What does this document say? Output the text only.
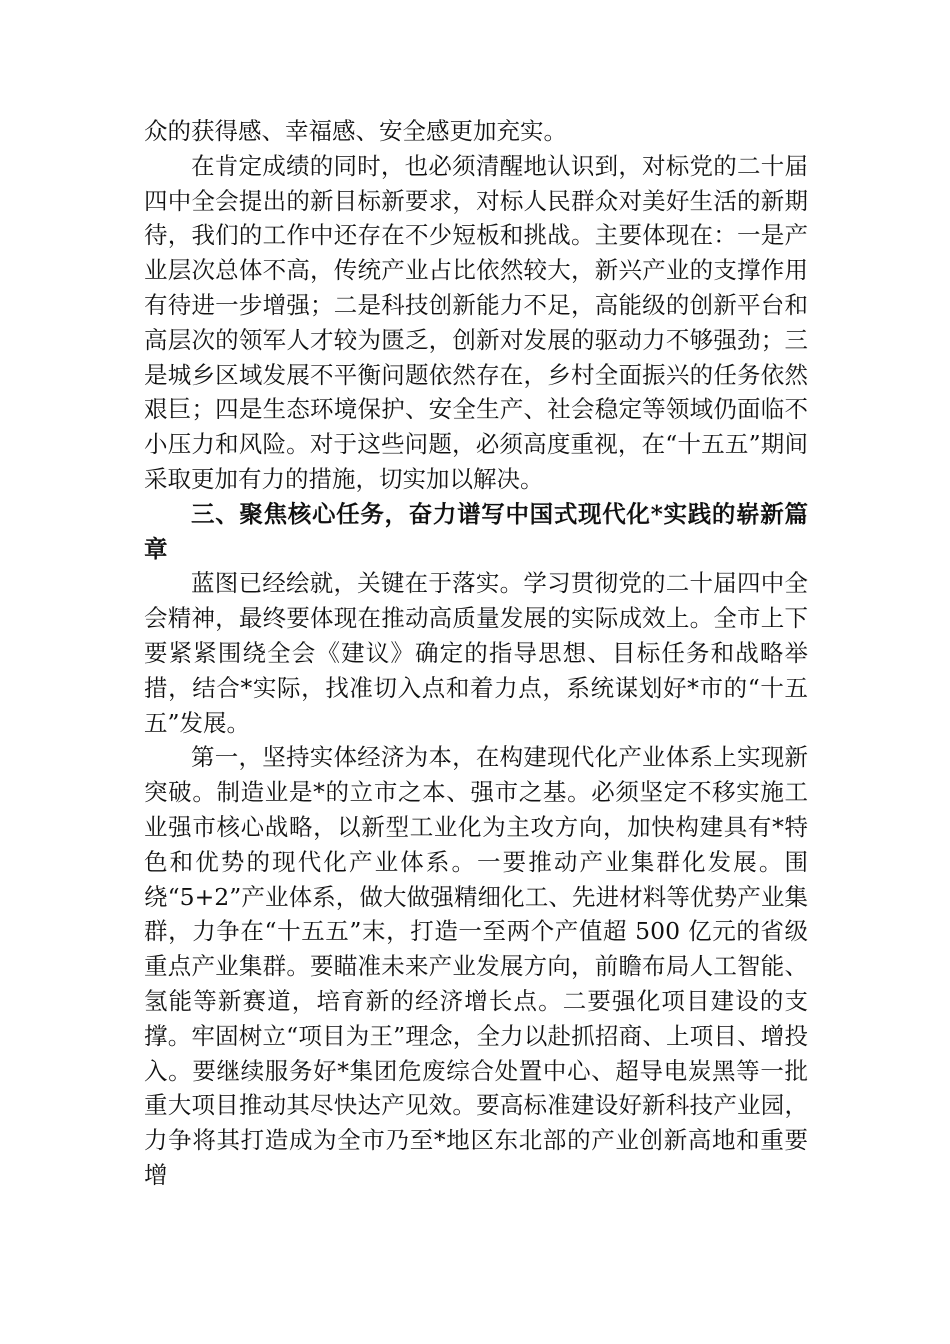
众的获得感、幸福感、安全感更加充实。

在肯定成绩的同时，也必须清醒地认识到，对标党的二十届四中全会提出的新目标新要求，对标人民群众对美好生活的新期待，我们的工作中还存在不少短板和挑战。主要体现在：一是产业层次总体不高，传统产业占比依然较大，新兴产业的支撑作用有待进一步增强；二是科技创新能力不足，高能级的创新平台和高层次的领军人才较为匮乏，创新对发展的驱动力不够强劲；三是城乡区域发展不平衡问题依然存在，乡村全面振兴的任务依然艰巨；四是生态环境保护、安全生产、社会稳定等领域仍面临不小压力和风险。对于这些问题，必须高度重视，在“十五五”期间采取更加有力的措施，切实加以解决。

三、聚焦核心任务，奋力谱写中国式现代化*实践的崭新篇章

蓝图已经绘就，关键在于落实。学习贯彻党的二十届四中全会精神，最终要体现在推动高质量发展的实际成效上。全市上下要紧紧围绕全会《建议》确定的指导思想、目标任务和战略举措，结合*实际，找准切入点和着力点，系统谋划好*市的“十五五”发展。

第一，坚持实体经济为本，在构建现代化产业体系上实现新突破。制造业是*的立市之本、强市之基。必须坚定不移实施工业强市核心战略，以新型工业化为主攻方向，加快构建具有*特色和优势的现代化产业体系。一要推动产业集群化发展。围绕“5+2”产业体系，做大做强精细化工、先进材料等优势产业集群，力争在“十五五”末，打造一至两个产值超 500 亿元的省级重点产业集群。要瞄准未来产业发展方向，前瞻布局人工智能、氢能等新赛道，培育新的经济增长点。二要强化项目建设的支撑。牢固树立“项目为王”理念，全力以赴抓招商、上项目、增投入。要继续服务好*集团危废综合处置中心、超导电炭黑等一批重大项目推动其尽快达产见效。要高标准建设好新科技产业园，力争将其打造成为全市乃至*地区东北部的产业创新高地和重要增
